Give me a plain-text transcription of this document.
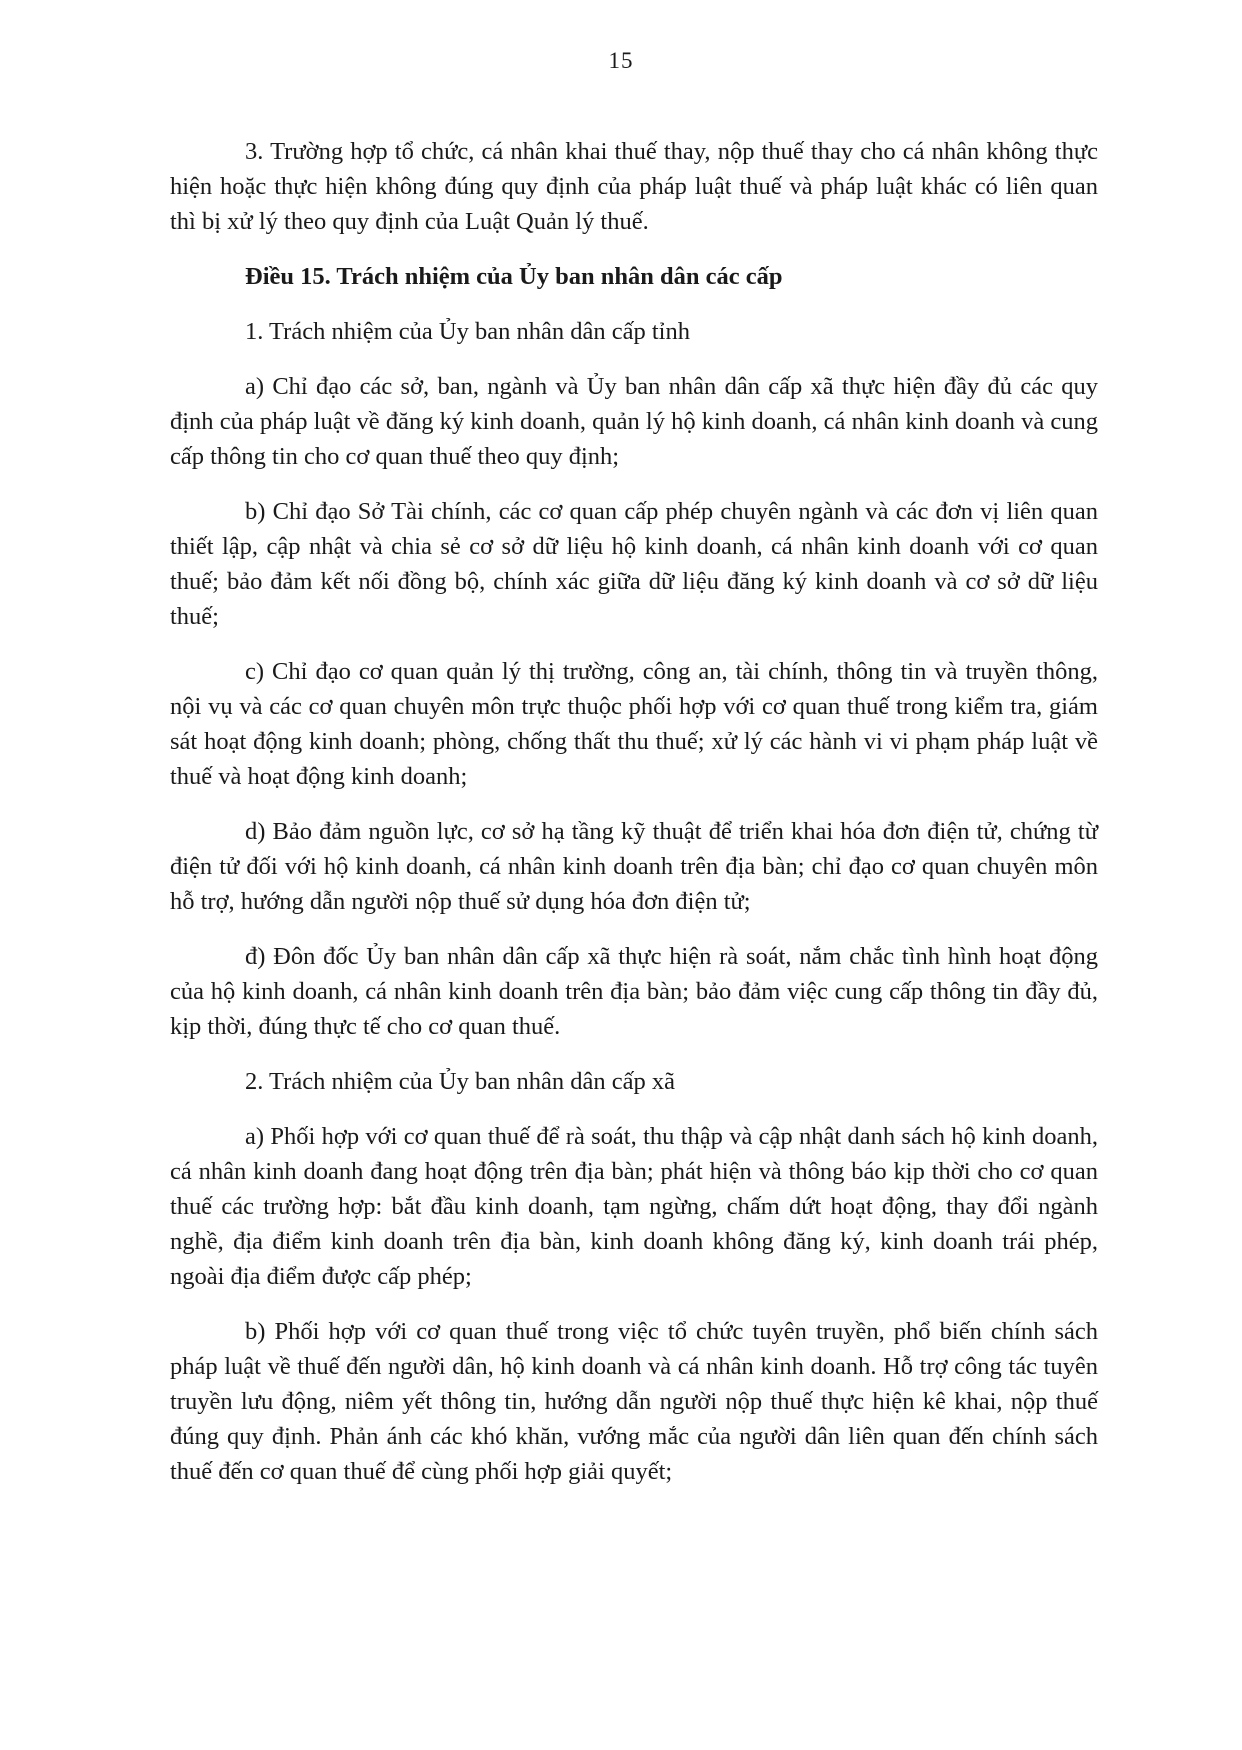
15

3. Trường hợp tổ chức, cá nhân khai thuế thay, nộp thuế thay cho cá nhân không thực hiện hoặc thực hiện không đúng quy định của pháp luật thuế và pháp luật khác có liên quan thì bị xử lý theo quy định của Luật Quản lý thuế.

Điều 15. Trách nhiệm của Ủy ban nhân dân các cấp

1. Trách nhiệm của Ủy ban nhân dân cấp tỉnh

a) Chỉ đạo các sở, ban, ngành và Ủy ban nhân dân cấp xã thực hiện đầy đủ các quy định của pháp luật về đăng ký kinh doanh, quản lý hộ kinh doanh, cá nhân kinh doanh và cung cấp thông tin cho cơ quan thuế theo quy định;

b) Chỉ đạo Sở Tài chính, các cơ quan cấp phép chuyên ngành và các đơn vị liên quan thiết lập, cập nhật và chia sẻ cơ sở dữ liệu hộ kinh doanh, cá nhân kinh doanh với cơ quan thuế; bảo đảm kết nối đồng bộ, chính xác giữa dữ liệu đăng ký kinh doanh và cơ sở dữ liệu thuế;

c) Chỉ đạo cơ quan quản lý thị trường, công an, tài chính, thông tin và truyền thông, nội vụ và các cơ quan chuyên môn trực thuộc phối hợp với cơ quan thuế trong kiểm tra, giám sát hoạt động kinh doanh; phòng, chống thất thu thuế; xử lý các hành vi vi phạm pháp luật về thuế và hoạt động kinh doanh;

d) Bảo đảm nguồn lực, cơ sở hạ tầng kỹ thuật để triển khai hóa đơn điện tử, chứng từ điện tử đối với hộ kinh doanh, cá nhân kinh doanh trên địa bàn; chỉ đạo cơ quan chuyên môn hỗ trợ, hướng dẫn người nộp thuế sử dụng hóa đơn điện tử;

đ) Đôn đốc Ủy ban nhân dân cấp xã thực hiện rà soát, nắm chắc tình hình hoạt động của hộ kinh doanh, cá nhân kinh doanh trên địa bàn; bảo đảm việc cung cấp thông tin đầy đủ, kịp thời, đúng thực tế cho cơ quan thuế.

2. Trách nhiệm của Ủy ban nhân dân cấp xã

a) Phối hợp với cơ quan thuế để rà soát, thu thập và cập nhật danh sách hộ kinh doanh, cá nhân kinh doanh đang hoạt động trên địa bàn; phát hiện và thông báo kịp thời cho cơ quan thuế các trường hợp: bắt đầu kinh doanh, tạm ngừng, chấm dứt hoạt động, thay đổi ngành nghề, địa điểm kinh doanh trên địa bàn, kinh doanh không đăng ký, kinh doanh trái phép, ngoài địa điểm được cấp phép;

b) Phối hợp với cơ quan thuế trong việc tổ chức tuyên truyền, phổ biến chính sách pháp luật về thuế đến người dân, hộ kinh doanh và cá nhân kinh doanh. Hỗ trợ công tác tuyên truyền lưu động, niêm yết thông tin, hướng dẫn người nộp thuế thực hiện kê khai, nộp thuế đúng quy định. Phản ánh các khó khăn, vướng mắc của người dân liên quan đến chính sách thuế đến cơ quan thuế để cùng phối hợp giải quyết;
